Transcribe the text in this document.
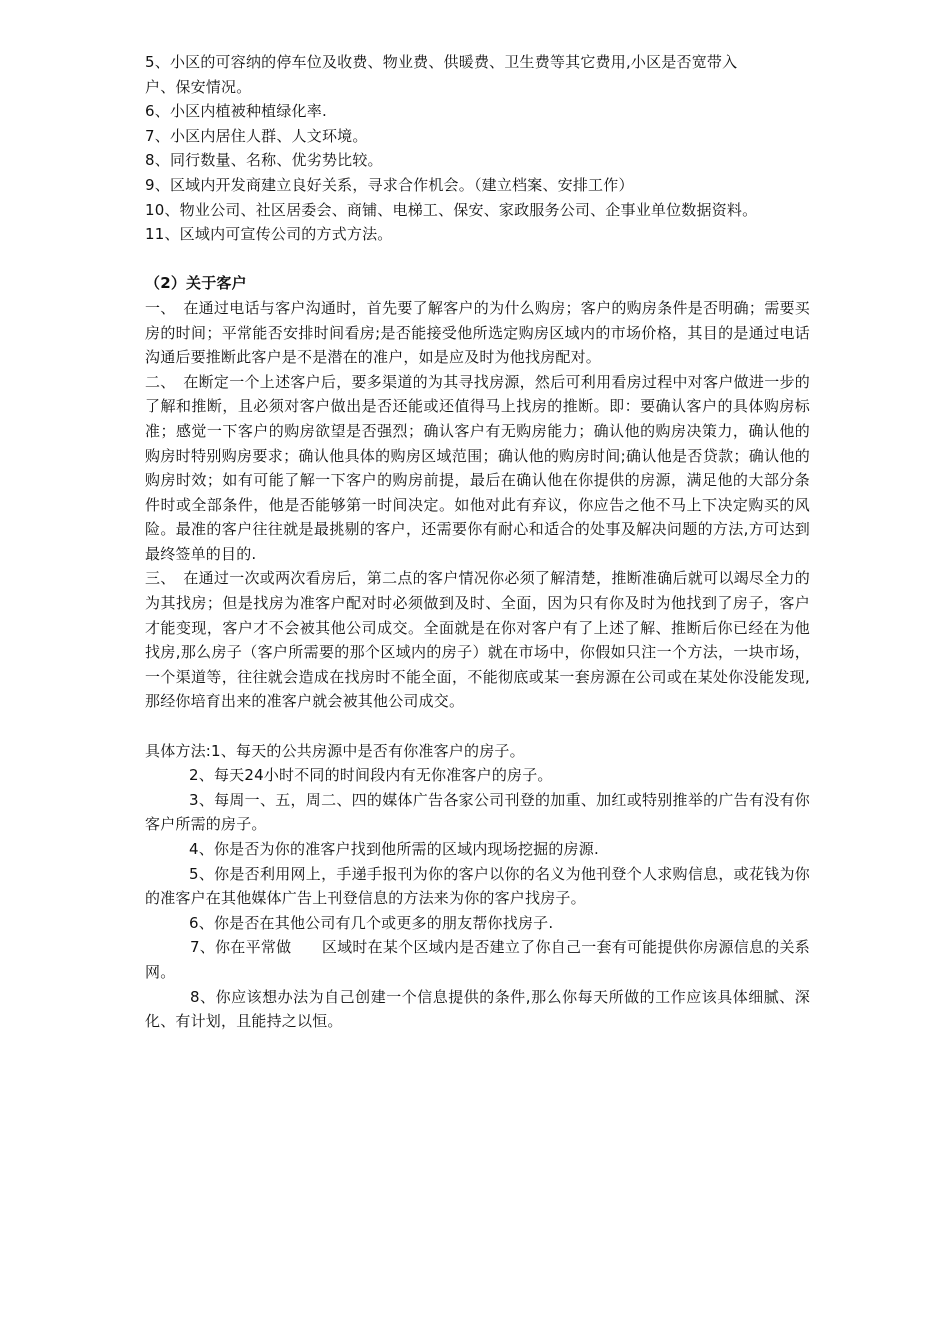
5、小区的可容纳的停车位及收费、物业费、供暖费、卫生费等其它费用,小区是否宽带入
户、保安情况。
6、小区内植被种植绿化率.
7、小区内居住人群、人文环境。
8、同行数量、名称、优劣势比较。
9、区域内开发商建立良好关系，寻求合作机会。（建立档案、安排工作）
10、物业公司、社区居委会、商铺、电梯工、保安、家政服务公司、企事业单位数据资料。
11、区域内可宣传公司的方式方法。
（2）关于客户
一、　在通过电话与客户沟通时，首先要了解客户的为什么购房；客户的购房条件是否明确；需要买房的时间；平常能否安排时间看房;是否能接受他所选定购房区域内的市场价格，其目的是通过电话沟通后要推断此客户是不是潜在的准户，如是应及时为他找房配对。
二、　在断定一个上述客户后，要多渠道的为其寻找房源，然后可利用看房过程中对客户做进一步的了解和推断，且必须对客户做出是否还能或还值得马上找房的推断。即：要确认客户的具体购房标准；感觉一下客户的购房欲望是否强烈；确认客户有无购房能力；确认他的购房决策力，确认他的购房时特别购房要求；确认他具体的购房区域范围；确认他的购房时间;确认他是否贷款；确认他的购房时效；如有可能了解一下客户的购房前提，最后在确认他在你提供的房源，满足他的大部分条件时或全部条件，他是否能够第一时间决定。如他对此有弃议，你应告之他不马上下决定购买的风险。最准的客户往往就是最挑剔的客户，还需要你有耐心和适合的处事及解决问题的方法,方可达到最终签单的目的.
三、　在通过一次或两次看房后，第二点的客户情况你必须了解清楚，推断准确后就可以竭尽全力的为其找房；但是找房为准客户配对时必须做到及时、全面，因为只有你及时为他找到了房子，客户才能变现，客户才不会被其他公司成交。全面就是在你对客户有了上述了解、推断后你已经在为他找房,那么房子（客户所需要的那个区域内的房子）就在市场中，你假如只注一个方法，一块市场，一个渠道等，往往就会造成在找房时不能全面，不能彻底或某一套房源在公司或在某处你没能发现,那经你培育出来的准客户就会被其他公司成交。
具体方法:1、每天的公共房源中是否有你准客户的房子。
2、每天24小时不同的时间段内有无你准客户的房子。
3、每周一、五，周二、四的媒体广告各家公司刊登的加重、加红或特别推举的广告有没有你客户所需的房子。
4、你是否为你的准客户找到他所需的区域内现场挖掘的房源.
5、你是否利用网上，手递手报刊为你的客户以你的名义为他刊登个人求购信息，或花钱为你的准客户在其他媒体广告上刊登信息的方法来为你的客户找房子。
6、你是否在其他公司有几个或更多的朋友帮你找房子.
7、你在平常做　　区域时在某个区域内是否建立了你自己一套有可能提供你房源信息的关系网。
8、你应该想办法为自己创建一个信息提供的条件,那么你每天所做的工作应该具体细腻、深化、有计划，且能持之以恒。
